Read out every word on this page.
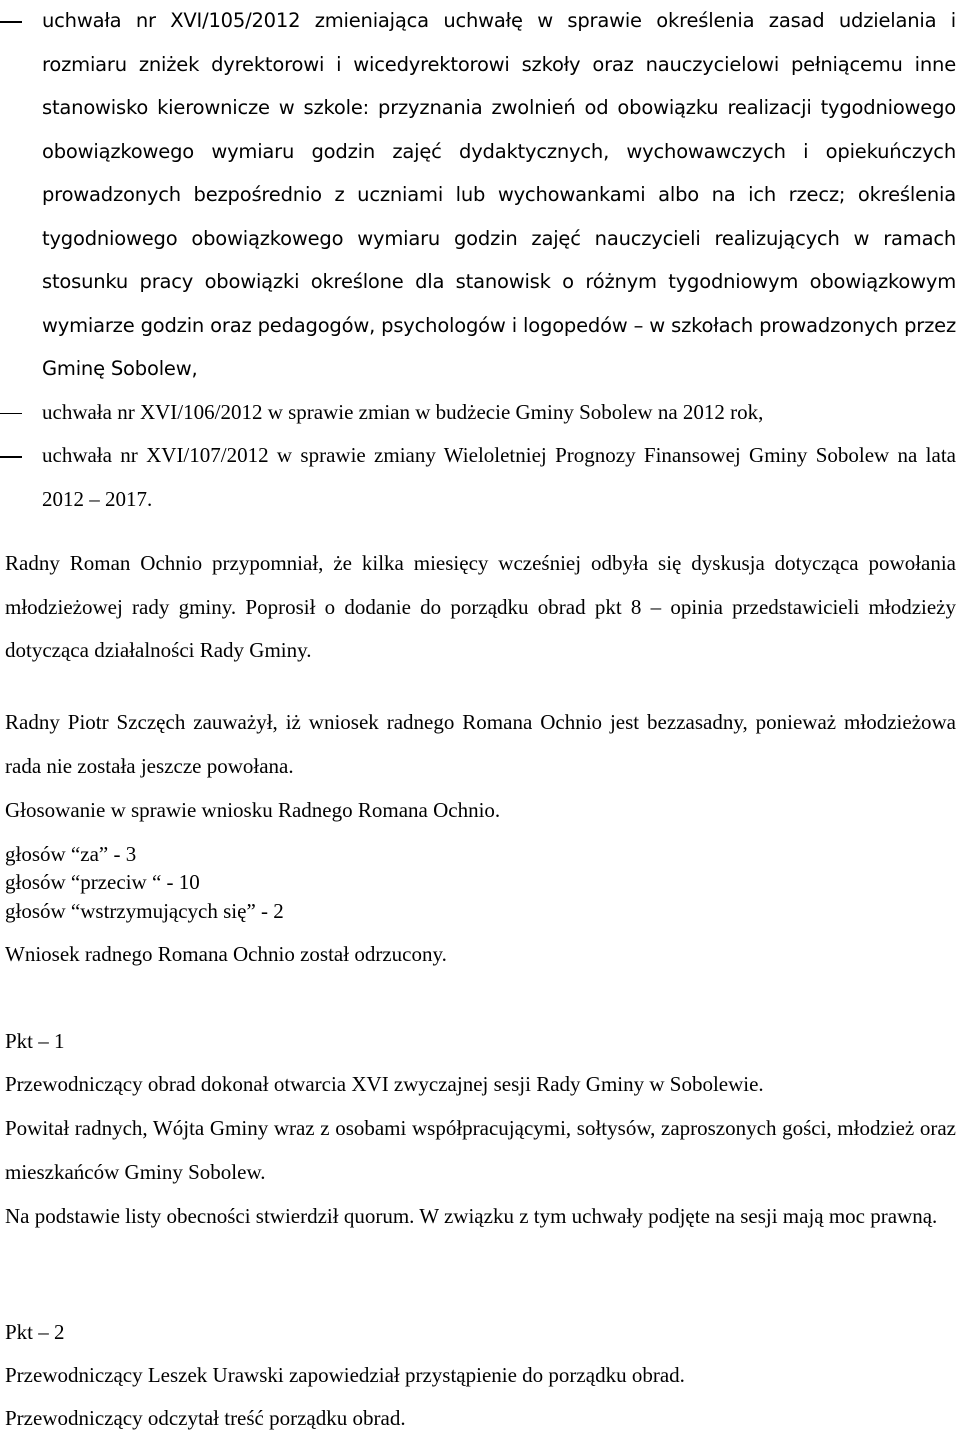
uchwała nr XVI/105/2012 zmieniająca uchwałę w sprawie określenia zasad udzielania i rozmiaru zniżek dyrektorowi i wicedyrektorowi szkoły oraz nauczycielowi pełniącemu inne stanowisko kierownicze w szkole: przyznania zwolnień od obowiązku realizacji tygodniowego obowiązkowego wymiaru godzin zajęć dydaktycznych, wychowawczych i opiekuńczych prowadzonych bezpośrednio z uczniami lub wychowankami albo na ich rzecz; określenia tygodniowego obowiązkowego wymiaru godzin zajęć nauczycieli realizujących w ramach stosunku pracy obowiązki określone dla stanowisk o różnym tygodniowym obowiązkowym wymiarze godzin oraz pedagogów, psychologów i logopedów – w szkołach prowadzonych przez Gminę Sobolew,
uchwała nr XVI/106/2012 w sprawie zmian w budżecie Gminy Sobolew na 2012 rok,
uchwała nr XVI/107/2012 w sprawie zmiany Wieloletniej Prognozy Finansowej Gminy Sobolew na lata 2012 – 2017.
Radny Roman Ochnio przypomniał, że kilka miesięcy wcześniej odbyła się dyskusja dotycząca powołania młodzieżowej rady gminy. Poprosił o dodanie do porządku obrad pkt 8 – opinia przedstawicieli młodzieży dotycząca działalności Rady Gminy.
Radny Piotr Szczęch zauważył, iż wniosek radnego Romana Ochnio jest bezzasadny, ponieważ młodzieżowa rada nie została jeszcze powołana.
Głosowanie w sprawie wniosku Radnego Romana Ochnio.
głosów “za” - 3
głosów “przeciw “ - 10
głosów “wstrzymujących się” - 2
Wniosek radnego Romana Ochnio został odrzucony.
Pkt – 1
Przewodniczący obrad dokonał otwarcia XVI zwyczajnej sesji Rady Gminy w Sobolewie.
Powitał radnych, Wójta Gminy wraz z osobami współpracującymi, sołtysów, zaproszonych gości, młodzież oraz mieszkańców Gminy Sobolew.
Na podstawie listy obecności stwierdził quorum. W związku z tym uchwały podjęte na sesji mają moc prawną.
Pkt – 2
Przewodniczący Leszek Urawski zapowiedział przystąpienie do porządku obrad.
Przewodniczący odczytał treść porządku obrad.
